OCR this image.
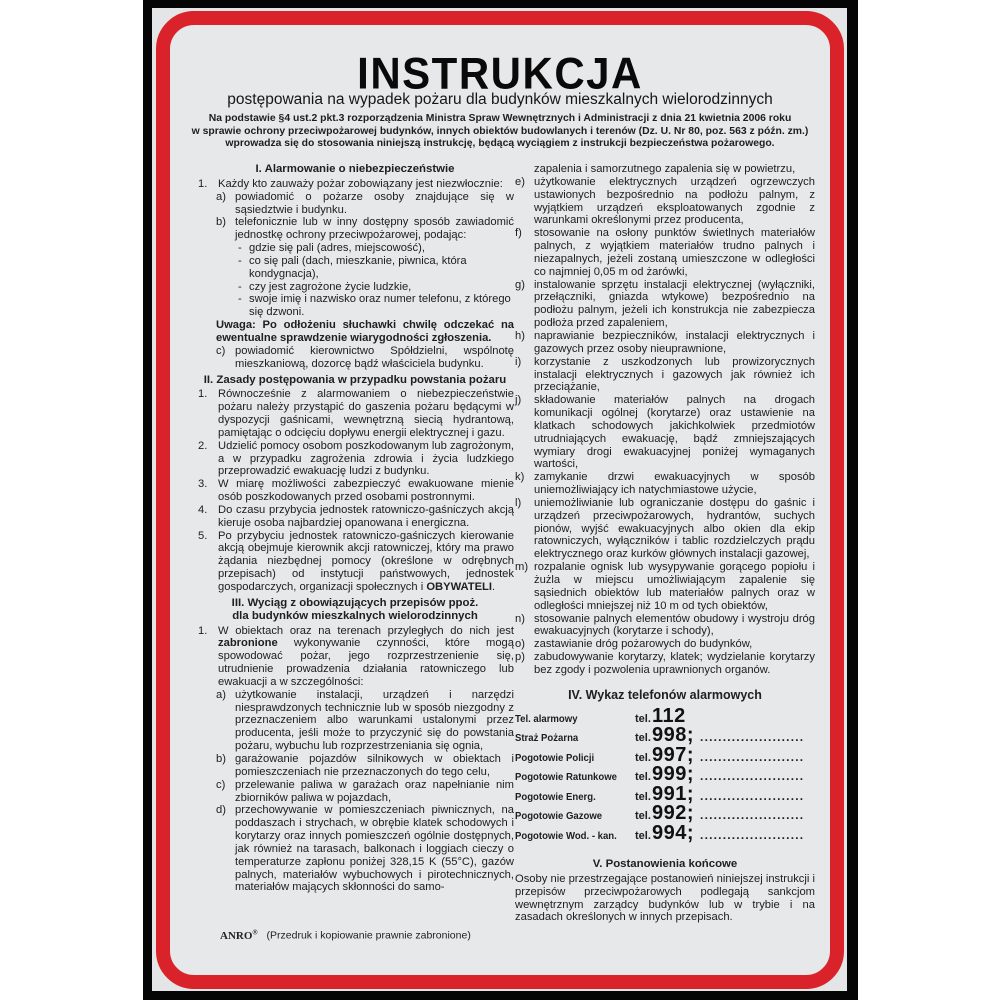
INSTRUKCJA
postępowania na wypadek pożaru dla budynków mieszkalnych wielorodzinnych
Na podstawie §4 ust.2 pkt.3 rozporządzenia Ministra Spraw Wewnętrznych i Administracji z dnia 21 kwietnia 2006 roku
w sprawie ochrony przeciwpożarowej budynków, innych obiektów budowlanych i terenów (Dz. U. Nr 80, poz. 563 z późn. zm.)
wprowadza się do stosowania niniejszą instrukcję, będącą wyciągiem z instrukcji bezpieczeństwa pożarowego.
I. Alarmowanie o niebezpieczeństwie
1. Każdy kto zauważy pożar zobowiązany jest niezwłocznie:
a) powiadomić o pożarze osoby znajdujące się w sąsiedztwie i budynku.
b) telefonicznie lub w inny dostępny sposób zawiadomić jednostkę ochrony przeciwpożarowej, podając:
- gdzie się pali (adres, miejscowość),
- co się pali (dach, mieszkanie, piwnica, która kondygnacja),
- czy jest zagrożone życie ludzkie,
- swoje imię i nazwisko oraz numer telefonu, z którego się dzwoni.
Uwaga: Po odłożeniu słuchawki chwilę odczekać na ewentualne sprawdzenie wiarygodności zgłoszenia.
c) powiadomić kierownictwo Spółdzielni, wspólnotę mieszkaniową, dozorcę bądź właściciela budynku.
II. Zasady postępowania w przypadku powstania pożaru
1. Równocześnie z alarmowaniem o niebezpieczeństwie pożaru należy przystąpić do gaszenia pożaru będącymi w dyspozycji gaśnicami, wewnętrzną siecią hydrantową, pamiętając o odcięciu dopływu energii elektrycznej i gazu.
2. Udzielić pomocy osobom poszkodowanym lub zagrożonym, a w przypadku zagrożenia zdrowia i życia ludzkiego przeprowadzić ewakuację ludzi z budynku.
3. W miarę możliwości zabezpieczyć ewakuowane mienie osób poszkodowanych przed osobami postronnymi.
4. Do czasu przybycia jednostek ratowniczo-gaśniczych akcją kieruje osoba najbardziej opanowana i energiczna.
5. Po przybyciu jednostek ratowniczo-gaśniczych kierowanie akcją obejmuje kierownik akcji ratowniczej, który ma prawo żądania niezbędnej pomocy (określone w odrębnych przepisach) od instytucji państwowych, jednostek gospodarczych, organizacji społecznych i OBYWATELI.
III. Wyciąg z obowiązujących przepisów ppoż.
dla budynków mieszkalnych wielorodzinnych
1. W obiektach oraz na terenach przyległych do nich jest zabronione wykonywanie czynności, które mogą spowodować pożar, jego rozprzestrzenienie się, utrudnienie prowadzenia działania ratowniczego lub ewakuacji a w szczególności:
a) użytkowanie instalacji, urządzeń i narzędzi niesprawdzonych technicznie lub w sposób niezgodny z przeznaczeniem albo warunkami ustalonymi przez producenta, jeśli może to przyczynić się do powstania pożaru, wybuchu lub rozprzestrzeniania się ognia,
b) garażowanie pojazdów silnikowych w obiektach i pomieszczeniach nie przeznaczonych do tego celu,
c) przelewanie paliwa w garażach oraz napełnianie nim zbiorników paliwa w pojazdach,
d) przechowywanie w pomieszczeniach piwnicznych, na poddaszach i strychach, w obrębie klatek schodowych i korytarzy oraz innych pomieszczeń ogólnie dostępnych, jak również na tarasach, balkonach i loggiach cieczy o temperaturze zapłonu poniżej 328,15 K (55°C), gazów palnych, materiałów wybuchowych i pirotechnicznych, materiałów mających skłonności do samo-
zapalenia i samorzutnego zapalenia się w powietrzu,
e) użytkowanie elektrycznych urządzeń ogrzewczych ustawionych bezpośrednio na podłożu palnym, z wyjątkiem urządzeń eksploatowanych zgodnie z warunkami określonymi przez producenta,
f) stosowanie na osłony punktów świetlnych materiałów palnych, z wyjątkiem materiałów trudno palnych i niezapalnych, jeżeli zostaną umieszczone w odległości co najmniej 0,05 m od żarówki,
g) instalowanie sprzętu instalacji elektrycznej (wyłączniki, przełączniki, gniazda wtykowe) bezpośrednio na podłożu palnym, jeżeli ich konstrukcja nie zabezpiecza podłoża przed zapaleniem,
h) naprawianie bezpieczników, instalacji elektrycznych i gazowych przez osoby nieuprawnione,
i) korzystanie z uszkodzonych lub prowizorycznych instalacji elektrycznych i gazowych jak również ich przeciążanie,
j) składowanie materiałów palnych na drogach komunikacji ogólnej (korytarze) oraz ustawienie na klatkach schodowych jakichkolwiek przedmiotów utrudniających ewakuację, bądź zmniejszających wymiary drogi ewakuacyjnej poniżej wymaganych wartości,
k) zamykanie drzwi ewakuacyjnych w sposób uniemożliwiający ich natychmiastowe użycie,
l) uniemożliwianie lub ograniczanie dostępu do gaśnic i urządzeń przeciwpożarowych, hydrantów, suchych pionów, wyjść ewakuacyjnych albo okien dla ekip ratowniczych, wyłączników i tablic rozdzielczych prądu elektrycznego oraz kurków głównych instalacji gazowej,
m) rozpalanie ognisk lub wysypywanie gorącego popiołu i żużla w miejscu umożliwiającym zapalenie się sąsiednich obiektów lub materiałów palnych oraz w odległości mniejszej niż 10 m od tych obiektów,
n) stosowanie palnych elementów obudowy i wystroju dróg ewakuacyjnych (korytarze i schody),
o) zastawianie dróg pożarowych do budynków,
p) zabudowywanie korytarzy, klatek; wydzielanie korytarzy bez zgody i pozwolenia uprawnionych organów.
IV. Wykaz telefonów alarmowych
Tel. alarmowy	tel. 112
Straż Pożarna	tel. 998; .......................
Pogotowie Policji	tel. 997; .......................
Pogotowie Ratunkowe	tel. 999; .......................
Pogotowie Energ.	tel. 991; .......................
Pogotowie Gazowe	tel. 992; .......................
Pogotowie Wod. - kan.	tel. 994; .......................
V. Postanowienia końcowe
Osoby nie przestrzegające postanowień niniejszej instrukcji i przepisów przeciwpożarowych podlegają sankcjom wewnętrznym zarządcy budynków lub w trybie i na zasadach określonych w innych przepisach.
ANRO® (Przedruk i kopiowanie prawnie zabronione)
